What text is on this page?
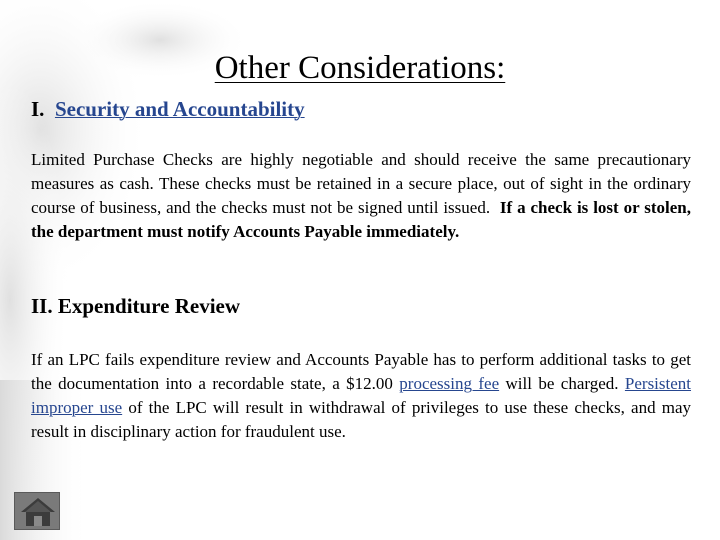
Other Considerations:
I. Security and Accountability

Limited Purchase Checks are highly negotiable and should receive the same precautionary measures as cash. These checks must be retained in a secure place, out of sight in the ordinary course of business, and the checks must not be signed until issued. If a check is lost or stolen, the department must notify Accounts Payable immediately.

II. Expenditure Review

If an LPC fails expenditure review and Accounts Payable has to perform additional tasks to get the documentation into a recordable state, a $12.00 processing fee will be charged. Persistent improper use of the LPC will result in withdrawal of privileges to use these checks, and may result in disciplinary action for fraudulent use.
